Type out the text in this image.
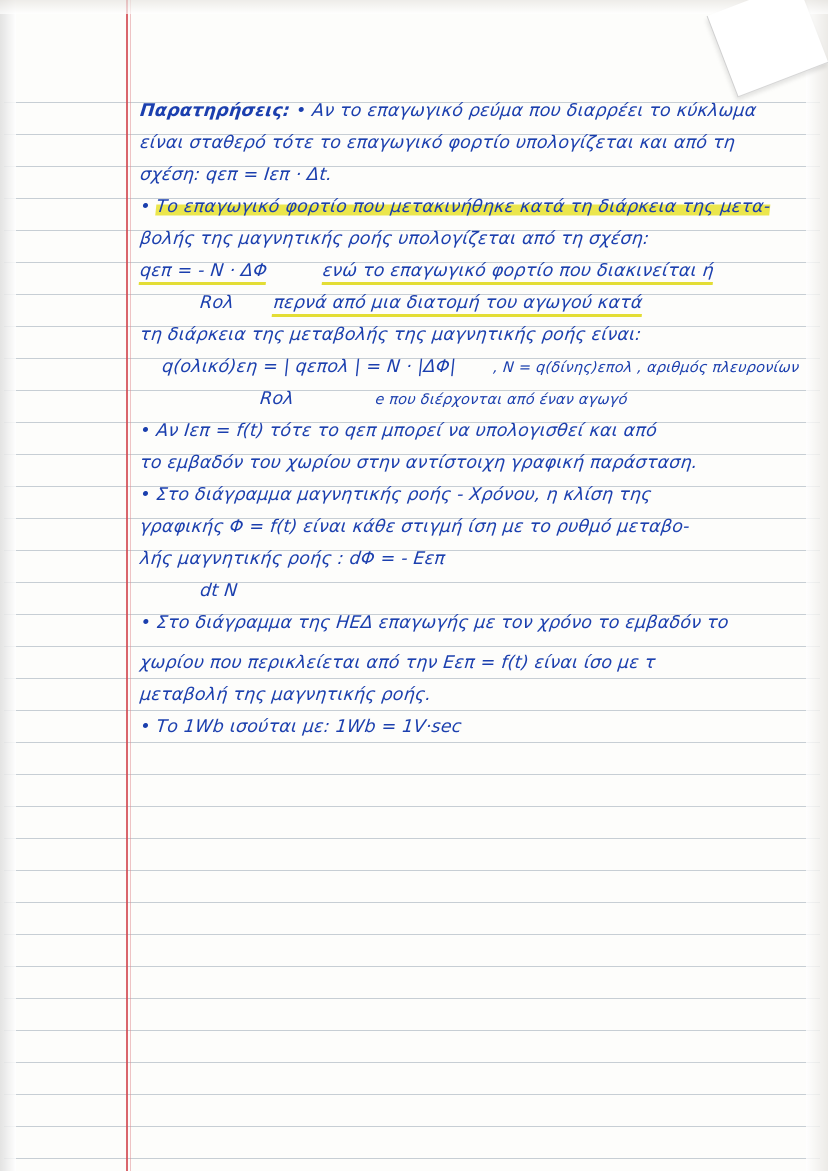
Παρατηρήσεις: • Αν το επαγωγικό ρεύμα που διαρρέει το κύκλωμα
είναι σταθερό τότε το επαγωγικό φορτίο υπολογίζεται και από τη
σχέση: qεπ = Ιεπ · Δt.
• Το επαγωγικό φορτίο που μετακινήθηκε κατά τη διάρκεια της μετα-
βολής της μαγνητικής ροής υπολογίζεται από τη σχέση:
qεπ = - Ν · ΔΦ	ενώ το επαγωγικό φορτίο που διακινείται ή
Rολ περνά από μια διατομή του αγωγού κατά
τη διάρκεια της μεταβολής της μαγνητικής ροής είναι:
q(ολικό)εη = | qεπολ | = Ν · |ΔΦ| , Ν = q(δίνης)επολ , αριθμός πλευρονίων
Rολ	e που διέρχονται από έναν αγωγό
• Αν Ιεπ = f(t) τότε το qεπ μπορεί να υπολογισθεί και από
το εμβαδόν του χωρίου στην αντίστοιχη γραφική παράσταση.
• Στο διάγραμμα μαγνητικής ροής - Χρόνου, η κλίση της
γραφικής Φ = f(t) είναι κάθε στιγμή ίση με το ρυθμό μεταβο-
λής μαγνητικής ροής : dΦ = - Εεπ
dt Ν
• Στο διάγραμμα της ΗΕΔ επαγωγής με τον χρόνο το εμβαδόν το
χωρίου που περικλείεται από την Εεπ = f(t) είναι ίσο με τ
μεταβολή της μαγνητικής ροής.
• Το 1Wb ισούται με: 1Wb = 1V·sec
